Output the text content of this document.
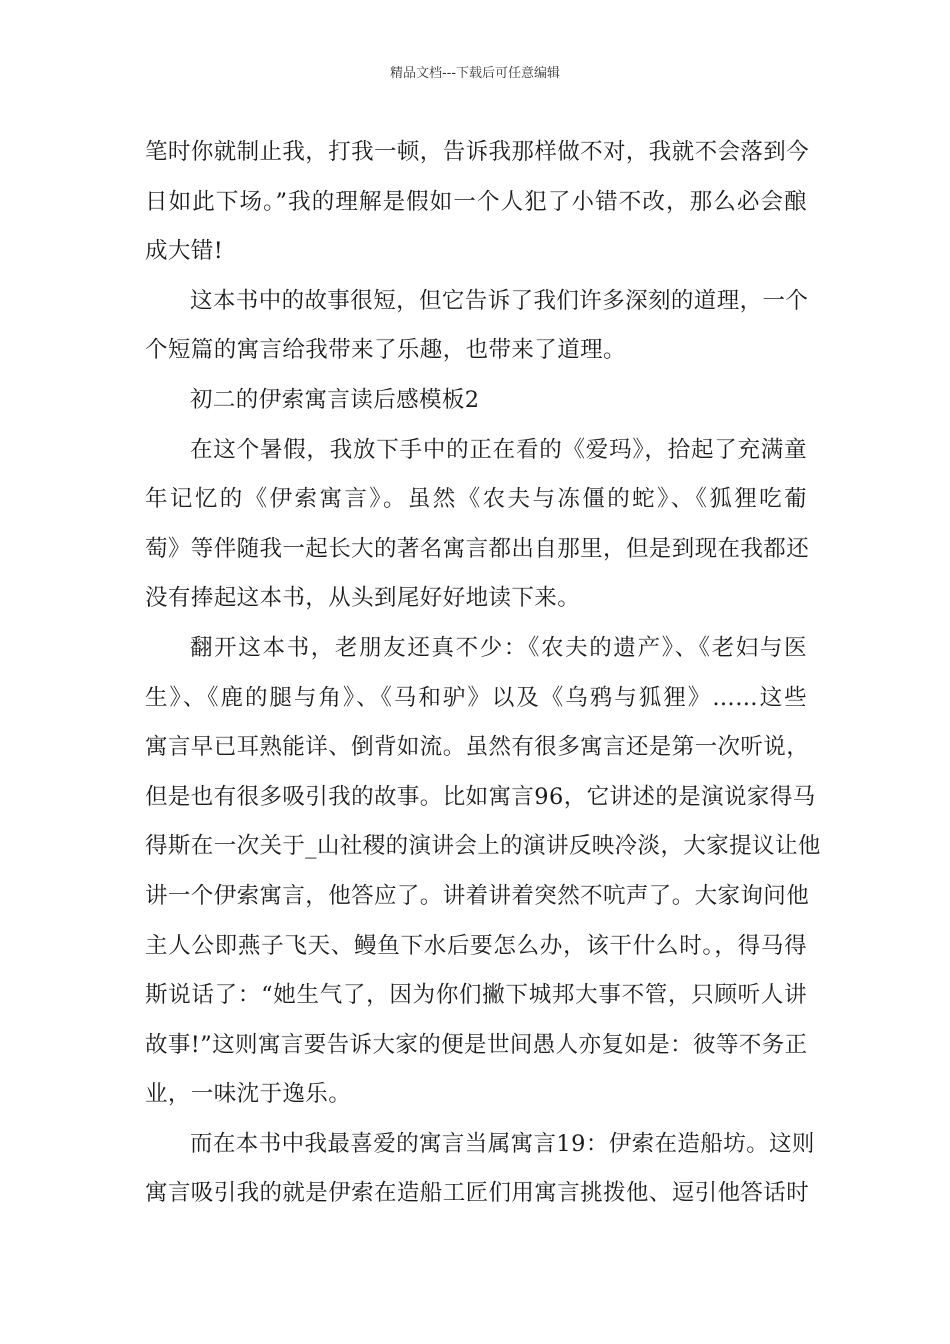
精品文档---下载后可任意编辑
笔时你就制止我，打我一顿，告诉我那样做不对，我就不会落到今
日如此下场。”我的理解是假如一个人犯了小错不改，那么必会酿
成大错!
这本书中的故事很短，但它告诉了我们许多深刻的道理，一个
个短篇的寓言给我带来了乐趣，也带来了道理。
初二的伊索寓言读后感模板2
在这个暑假，我放下手中的正在看的《爱玛》，拾起了充满童
年记忆的《伊索寓言》。虽然《农夫与冻僵的蛇》、《狐狸吃葡
萄》等伴随我一起长大的著名寓言都出自那里，但是到现在我都还
没有捧起这本书，从头到尾好好地读下来。
翻开这本书，老朋友还真不少：《农夫的遗产》、《老妇与医
生》、《鹿的腿与角》、《马和驴》以及《乌鸦与狐狸》……这些
寓言早已耳熟能详、倒背如流。虽然有很多寓言还是第一次听说，
但是也有很多吸引我的故事。比如寓言96，它讲述的是演说家得马
得斯在一次关于_山社稷的演讲会上的演讲反映冷淡，大家提议让他
讲一个伊索寓言，他答应了。讲着讲着突然不吭声了。大家询问他
主人公即燕子飞天、鳗鱼下水后要怎么办，该干什么时。，得马得
斯说话了：“她生气了，因为你们撇下城邦大事不管，只顾听人讲
故事!”这则寓言要告诉大家的便是世间愚人亦复如是：彼等不务正
业，一味沈于逸乐。
而在本书中我最喜爱的寓言当属寓言19：伊索在造船坊。这则
寓言吸引我的就是伊索在造船工匠们用寓言挑拨他、逗引他答话时
